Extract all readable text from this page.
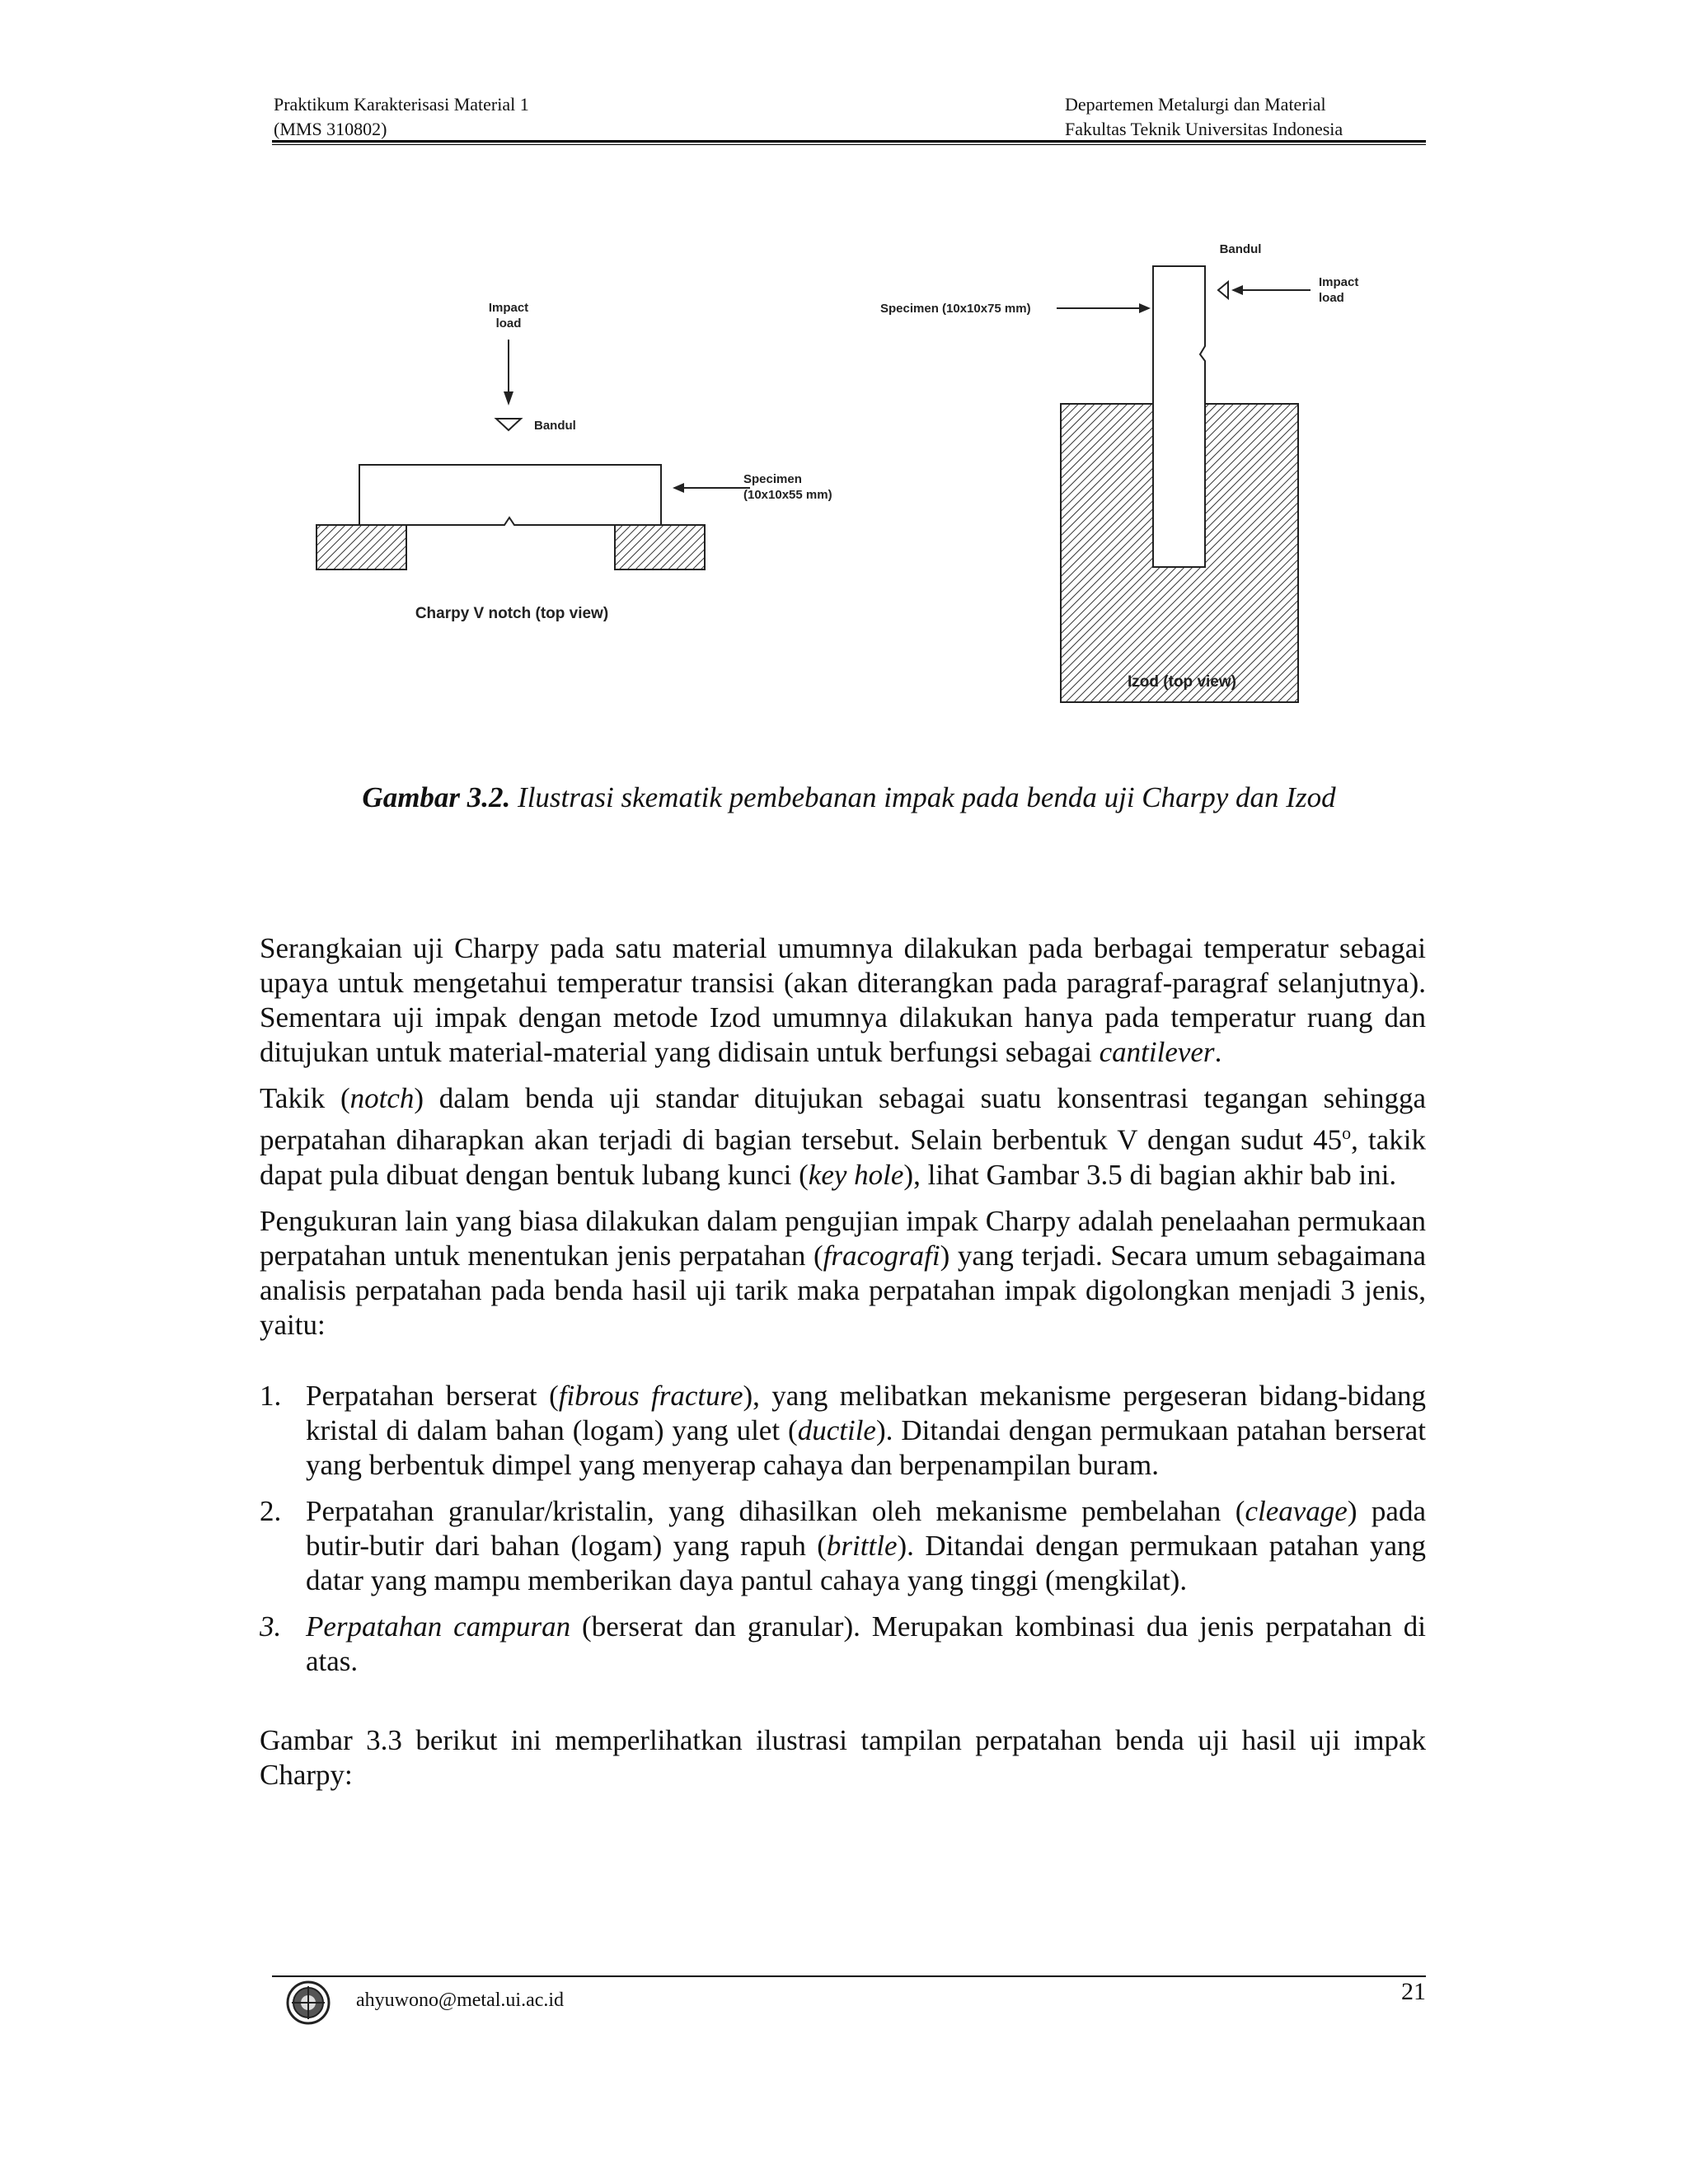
Praktikum Karakterisasi Material 1
(MMS 310802)
Departemen Metalurgi dan Material
Fakultas Teknik Universitas Indonesia
Impact
load
Bandul
Specimen
(10x10x55 mm)
Charpy V notch (top view)
Bandul
Impact
load
Specimen (10x10x75 mm)
Izod (top view)
Gambar 3.2. Ilustrasi skematik pembebanan impak pada benda uji Charpy dan Izod

Serangkaian uji Charpy pada satu material umumnya dilakukan pada berbagai temperatur sebagai upaya untuk mengetahui temperatur transisi (akan diterangkan pada paragraf-paragraf selanjutnya). Sementara uji impak dengan metode Izod umumnya dilakukan hanya pada temperatur ruang dan ditujukan untuk material-material yang didisain untuk berfungsi sebagai cantilever.

Takik (notch) dalam benda uji standar ditujukan sebagai suatu konsentrasi tegangan sehingga perpatahan diharapkan akan terjadi di bagian tersebut. Selain berbentuk V dengan sudut 45$^o$, takik dapat pula dibuat dengan bentuk lubang kunci (key hole), lihat Gambar 3.5 di bagian akhir bab ini.

Pengukuran lain yang biasa dilakukan dalam pengujian impak Charpy adalah penelaahan permukaan perpatahan untuk menentukan jenis perpatahan (fracografi) yang terjadi. Secara umum sebagaimana analisis perpatahan pada benda hasil uji tarik maka perpatahan impak digolongkan menjadi 3 jenis, yaitu:

1. Perpatahan berserat (fibrous fracture), yang melibatkan mekanisme pergeseran bidang-bidang kristal di dalam bahan (logam) yang ulet (ductile). Ditandai dengan permukaan patahan berserat yang berbentuk dimpel yang menyerap cahaya dan berpenampilan buram.
2. Perpatahan granular/kristalin, yang dihasilkan oleh mekanisme pembelahan (cleavage) pada butir-butir dari bahan (logam) yang rapuh (brittle). Ditandai dengan permukaan patahan yang datar yang mampu memberikan daya pantul cahaya yang tinggi (mengkilat).
3. Perpatahan campuran (berserat dan granular). Merupakan kombinasi dua jenis perpatahan di atas.

Gambar 3.3 berikut ini memperlihatkan ilustrasi tampilan perpatahan benda uji hasil uji impak Charpy:

ahyuwono@metal.ui.ac.id	21
